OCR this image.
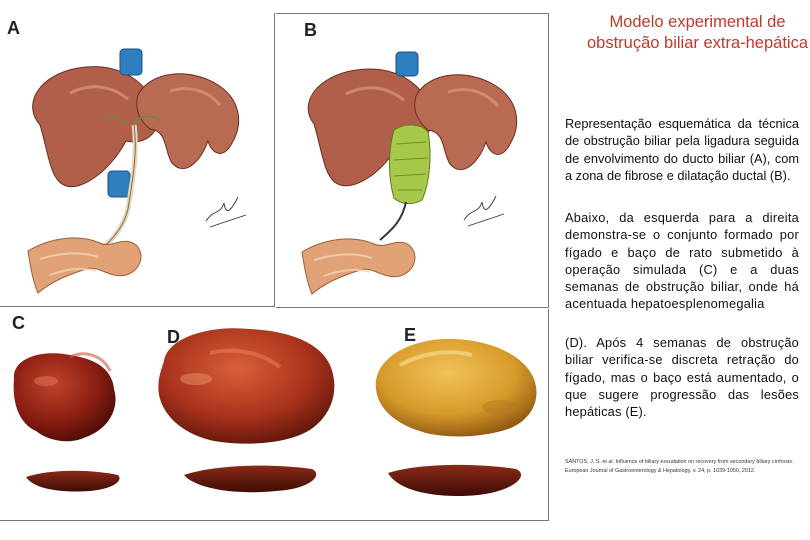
A	B
C
D	E
Modelo experimental de obstrução biliar extra-hepática

Representação esquemática da técnica de obstrução biliar pela ligadura seguida de envolvimento do ducto biliar (A), com a zona de fibrose e dilatação ductal (B).

Abaixo, da esquerda para a direita demonstra-se o conjunto formado por fígado e baço de rato submetido à operação simulada (C) e a duas semanas de obstrução biliar, onde há acentuada hepatoesplenomegalia

(D). Após 4 semanas de obstrução biliar verifica-se discreta retração do fígado, mas o baço está aumentado, o que sugere progressão das lesões hepáticas (E).

SANTOS, J. S. et al. Influence of biliary exsudation on recovery from secondary biliary cirrhosis. European Journal of Gastroenterology & Hepatology, v. 24, p. 1039-1050, 2012.
